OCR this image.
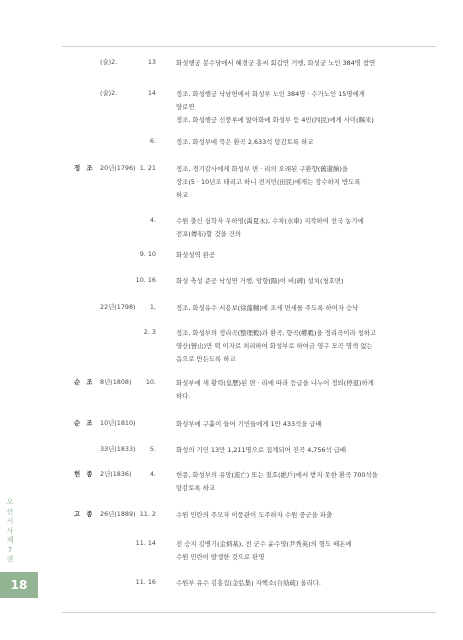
(술)2.	13	화성행궁 봉수당에서 혜경궁 홍씨 회갑연 거행, 화성궁 노인 384명 참연
(술)2.	14	정조, 화성행궁 낙남헌에서 화성부 노인 384명 · 수가노인 15명에게
양로연
정조, 화성행궁 신풍루에 앉아화에 화성부 등 4민(四民)에게 사미(賜米)
6.	정조, 화성부에 묵은 환곡 2,633석 탕감토록 하교
정 조 20년(1796) 1. 21	정조, 경기감사에게 화성부 면 · 리의 오래된 구환향(舊還餉)을
장조(5 · 10년조 테리고 하니 전지민(田民)에게는 장수하지 방도록
하교
4.	수원 출신 심학자 우하영(禹夏永), 수차(水車) 지작하여 전국 농가에
전포(傳布)할 것을 건의
9. 10	화성성역 완공
10. 16	화성 축성 준공 낙성연 거행, 앙향(陽)이 비(碑) 설치(청호면)
22년(1798)	1,	정조, 화성유수 서용보(徐龍輔)에 조세 면세를 주도록 하여자 승낙
2. 3	정조, 화성부의 정리곡(整理穀)과 환곡, 향곡(鄕穀)을 정리곡이라 칭하고
영산(營山)만 떡 이자로 처리하여 화성부로 하여금 영구 모곡 명색 없는
음으로 만든도록 하교
순 조 8년(1808)	10.	화성부에 새 황력(皇歷)된 면 · 리에 따라 등급을 나누어 정퇴(停退)하게
하다.
순 조 10년(1810)	화성부에 구휼이 들어 기민들에게 1만 433석을 급배
33년(1833)	5.	화성의 기민 13만 1,211명으로 집계되어 진곡 4,756석 급배
헌 종 2년(1836)	4.	헌종, 화성부의 유망(流亡) 또는 절호(絶戶)에서 받지 못한 환곡 700석을
탕감토록 하교
고 종 26년(1889) 11. 2	수원 민란의 주모자 이풍관이 도주하자 수원 중군을 파출
11. 14	전 승지 김병기(金炳基), 전 군수 윤수영(尹秀英)의 형도 배돈에
수원 민란이 발생한 것으로 판명
11. 16	수원부 유수 김홍집(金弘集) 자핵소(自劾疏) 올리다.
오
산
시
사
제
7
권
18
